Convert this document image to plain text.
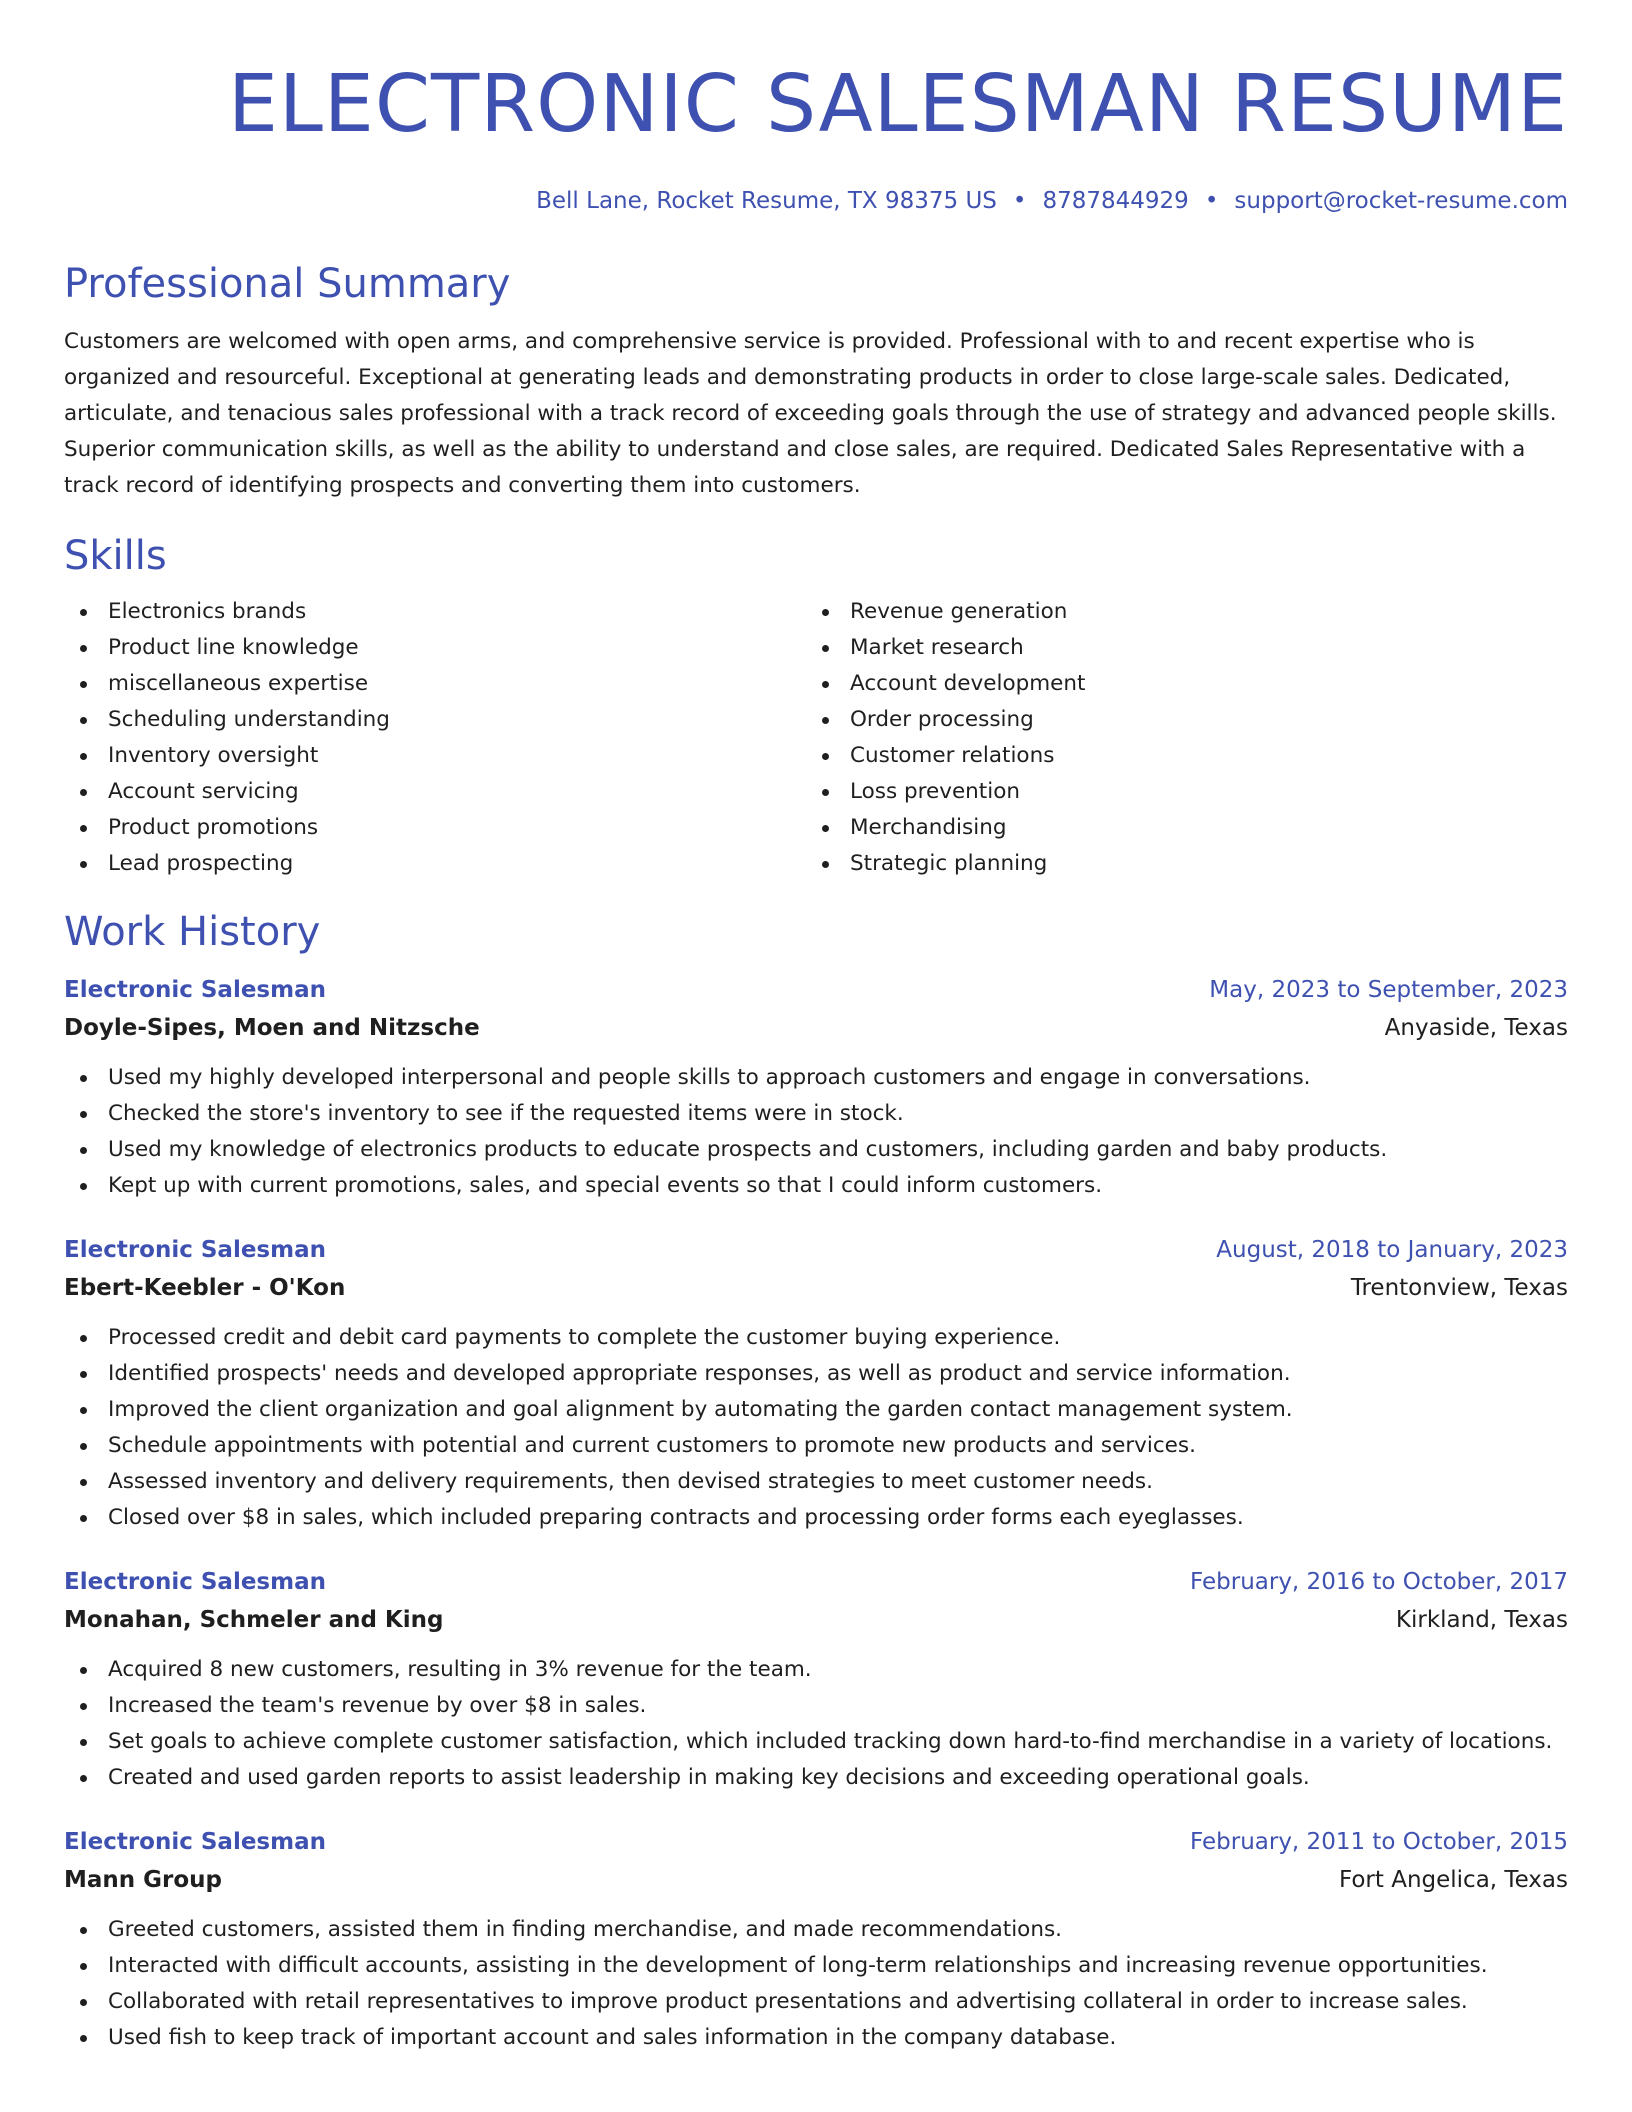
ELECTRONIC SALESMAN RESUME
Bell Lane, Rocket Resume, TX 98375 US • 8787844929 • support@rocket-resume.com
Professional Summary

Customers are welcomed with open arms, and comprehensive service is provided. Professional with to and recent expertise who is organized and resourceful. Exceptional at generating leads and demonstrating products in order to close large-scale sales. Dedicated, articulate, and tenacious sales professional with a track record of exceeding goals through the use of strategy and advanced people skills. Superior communication skills, as well as the ability to understand and close sales, are required. Dedicated Sales Representative with a track record of identifying prospects and converting them into customers.

Skills
Electronics brands
Product line knowledge
miscellaneous expertise
Scheduling understanding
Inventory oversight
Account servicing
Product promotions
Lead prospecting
Revenue generation
Market research
Account development
Order processing
Customer relations
Loss prevention
Merchandising
Strategic planning
Work History
Electronic Salesman	May, 2023 to September, 2023
Doyle-Sipes, Moen and Nitzsche	Anyaside, Texas
Used my highly developed interpersonal and people skills to approach customers and engage in conversations.
Checked the store's inventory to see if the requested items were in stock.
Used my knowledge of electronics products to educate prospects and customers, including garden and baby products.
Kept up with current promotions, sales, and special events so that I could inform customers.
Electronic Salesman	August, 2018 to January, 2023
Ebert-Keebler - O'Kon	Trentonview, Texas
Processed credit and debit card payments to complete the customer buying experience.
Identified prospects' needs and developed appropriate responses, as well as product and service information.
Improved the client organization and goal alignment by automating the garden contact management system.
Schedule appointments with potential and current customers to promote new products and services.
Assessed inventory and delivery requirements, then devised strategies to meet customer needs.
Closed over $8 in sales, which included preparing contracts and processing order forms each eyeglasses.
Electronic Salesman	February, 2016 to October, 2017
Monahan, Schmeler and King	Kirkland, Texas
Acquired 8 new customers, resulting in 3% revenue for the team.
Increased the team's revenue by over $8 in sales.
Set goals to achieve complete customer satisfaction, which included tracking down hard-to-find merchandise in a variety of locations.
Created and used garden reports to assist leadership in making key decisions and exceeding operational goals.
Electronic Salesman	February, 2011 to October, 2015
Mann Group	Fort Angelica, Texas
Greeted customers, assisted them in finding merchandise, and made recommendations.
Interacted with difficult accounts, assisting in the development of long-term relationships and increasing revenue opportunities.
Collaborated with retail representatives to improve product presentations and advertising collateral in order to increase sales.
Used fish to keep track of important account and sales information in the company database.
